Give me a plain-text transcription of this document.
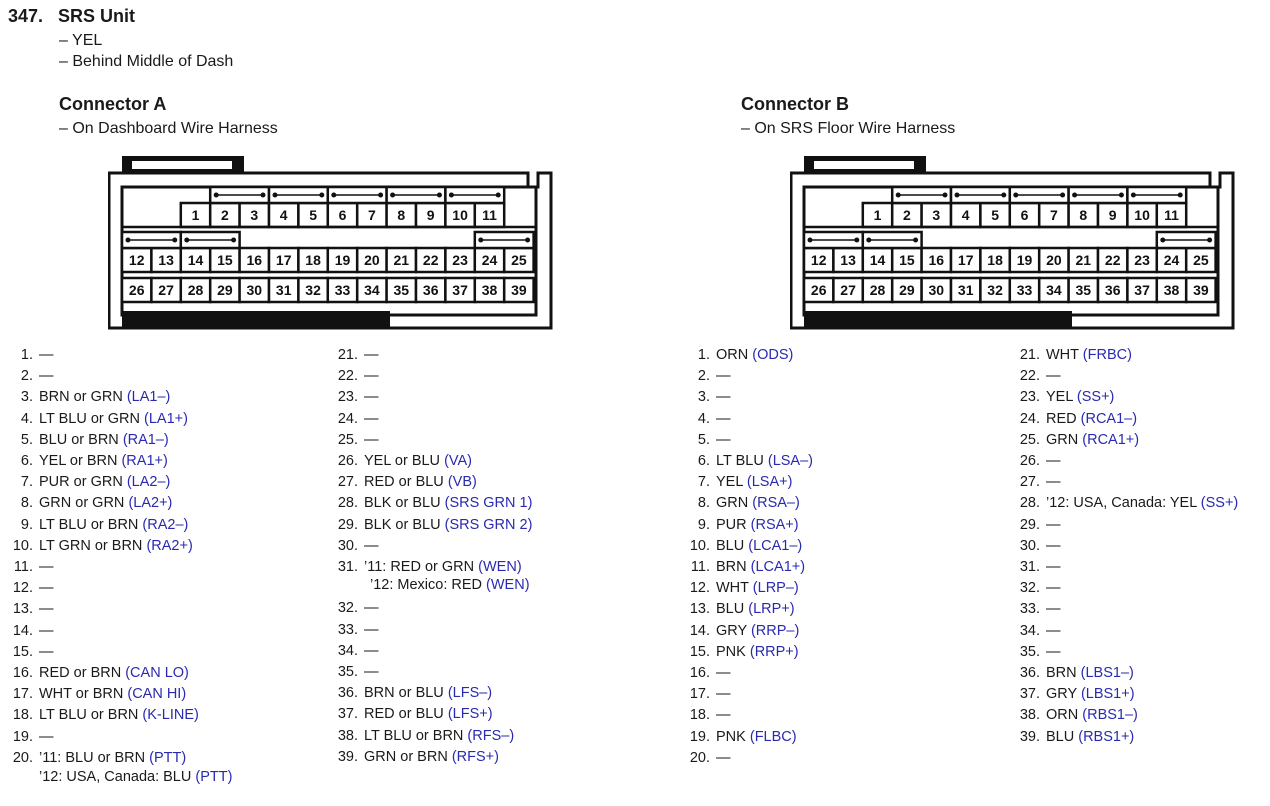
347. SRS Unit
– YEL
– Behind Middle of Dash
Connector A
– On Dashboard Wire Harness
Connector B
– On SRS Floor Wire Harness
1 2 3 4 5 6 7 8 9 10 11
12 13 14 15 16 17 18 19 20 21 22 23 24 25
26 27 28 29 30 31 32 33 34 35 36 37 38 39
1 2 3 4 5 6 7 8 9 10 11
12 13 14 15 16 17 18 19 20 21 22 23 24 25
26 27 28 29 30 31 32 33 34 35 36 37 38 39
1. —
2. —
3. BRN or GRN (LA1–)
4. LT BLU or GRN (LA1+)
5. BLU or BRN (RA1–)
6. YEL or BRN (RA1+)
7. PUR or GRN (LA2–)
8. GRN or GRN (LA2+)
9. LT BLU or BRN (RA2–)
10. LT GRN or BRN (RA2+)
11. —
12. —
13. —
14. —
15. —
16. RED or BRN (CAN LO)
17. WHT or BRN (CAN HI)
18. LT BLU or BRN (K-LINE)
19. —
20. ’11: BLU or BRN (PTT)
’12: USA, Canada: BLU (PTT)
21. —
22. —
23. —
24. —
25. —
26. YEL or BLU (VA)
27. RED or BLU (VB)
28. BLK or BLU (SRS GRN 1)
29. BLK or BLU (SRS GRN 2)
30. —
31. ’11: RED or GRN (WEN)
’12: Mexico: RED (WEN)
32. —
33. —
34. —
35. —
36. BRN or BLU (LFS–)
37. RED or BLU (LFS+)
38. LT BLU or BRN (RFS–)
39. GRN or BRN (RFS+)
1. ORN (ODS)
2. —
3. —
4. —
5. —
6. LT BLU (LSA–)
7. YEL (LSA+)
8. GRN (RSA–)
9. PUR (RSA+)
10. BLU (LCA1–)
11. BRN (LCA1+)
12. WHT (LRP–)
13. BLU (LRP+)
14. GRY (RRP–)
15. PNK (RRP+)
16. —
17. —
18. —
19. PNK (FLBC)
20. —
21. WHT (FRBC)
22. —
23. YEL (SS+)
24. RED (RCA1–)
25. GRN (RCA1+)
26. —
27. —
28. ’12: USA, Canada: YEL (SS+)
29. —
30. —
31. —
32. —
33. —
34. —
35. —
36. BRN (LBS1–)
37. GRY (LBS1+)
38. ORN (RBS1–)
39. BLU (RBS1+)
